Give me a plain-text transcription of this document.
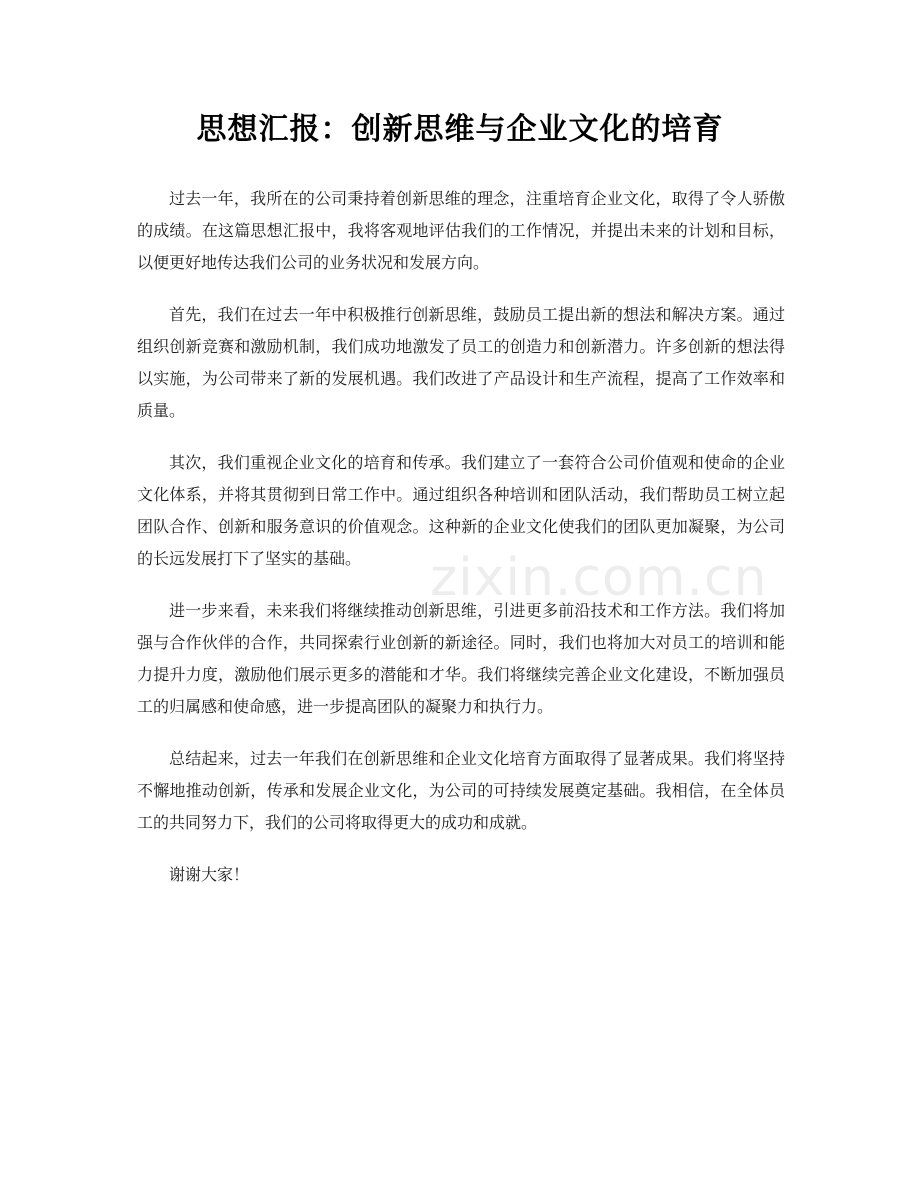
思想汇报：创新思维与企业文化的培育

过去一年，我所在的公司秉持着创新思维的理念，注重培育企业文化，取得了令人骄傲的成绩。在这篇思想汇报中，我将客观地评估我们的工作情况，并提出未来的计划和目标，以便更好地传达我们公司的业务状况和发展方向。

首先，我们在过去一年中积极推行创新思维，鼓励员工提出新的想法和解决方案。通过组织创新竞赛和激励机制，我们成功地激发了员工的创造力和创新潜力。许多创新的想法得以实施，为公司带来了新的发展机遇。我们改进了产品设计和生产流程，提高了工作效率和质量。

其次，我们重视企业文化的培育和传承。我们建立了一套符合公司价值观和使命的企业文化体系，并将其贯彻到日常工作中。通过组织各种培训和团队活动，我们帮助员工树立起团队合作、创新和服务意识的价值观念。这种新的企业文化使我们的团队更加凝聚，为公司的长远发展打下了坚实的基础。

进一步来看，未来我们将继续推动创新思维，引进更多前沿技术和工作方法。我们将加强与合作伙伴的合作，共同探索行业创新的新途径。同时，我们也将加大对员工的培训和能力提升力度，激励他们展示更多的潜能和才华。我们将继续完善企业文化建设，不断加强员工的归属感和使命感，进一步提高团队的凝聚力和执行力。

总结起来，过去一年我们在创新思维和企业文化培育方面取得了显著成果。我们将坚持不懈地推动创新，传承和发展企业文化，为公司的可持续发展奠定基础。我相信，在全体员工的共同努力下，我们的公司将取得更大的成功和成就。

谢谢大家！

zixin.com.cn
